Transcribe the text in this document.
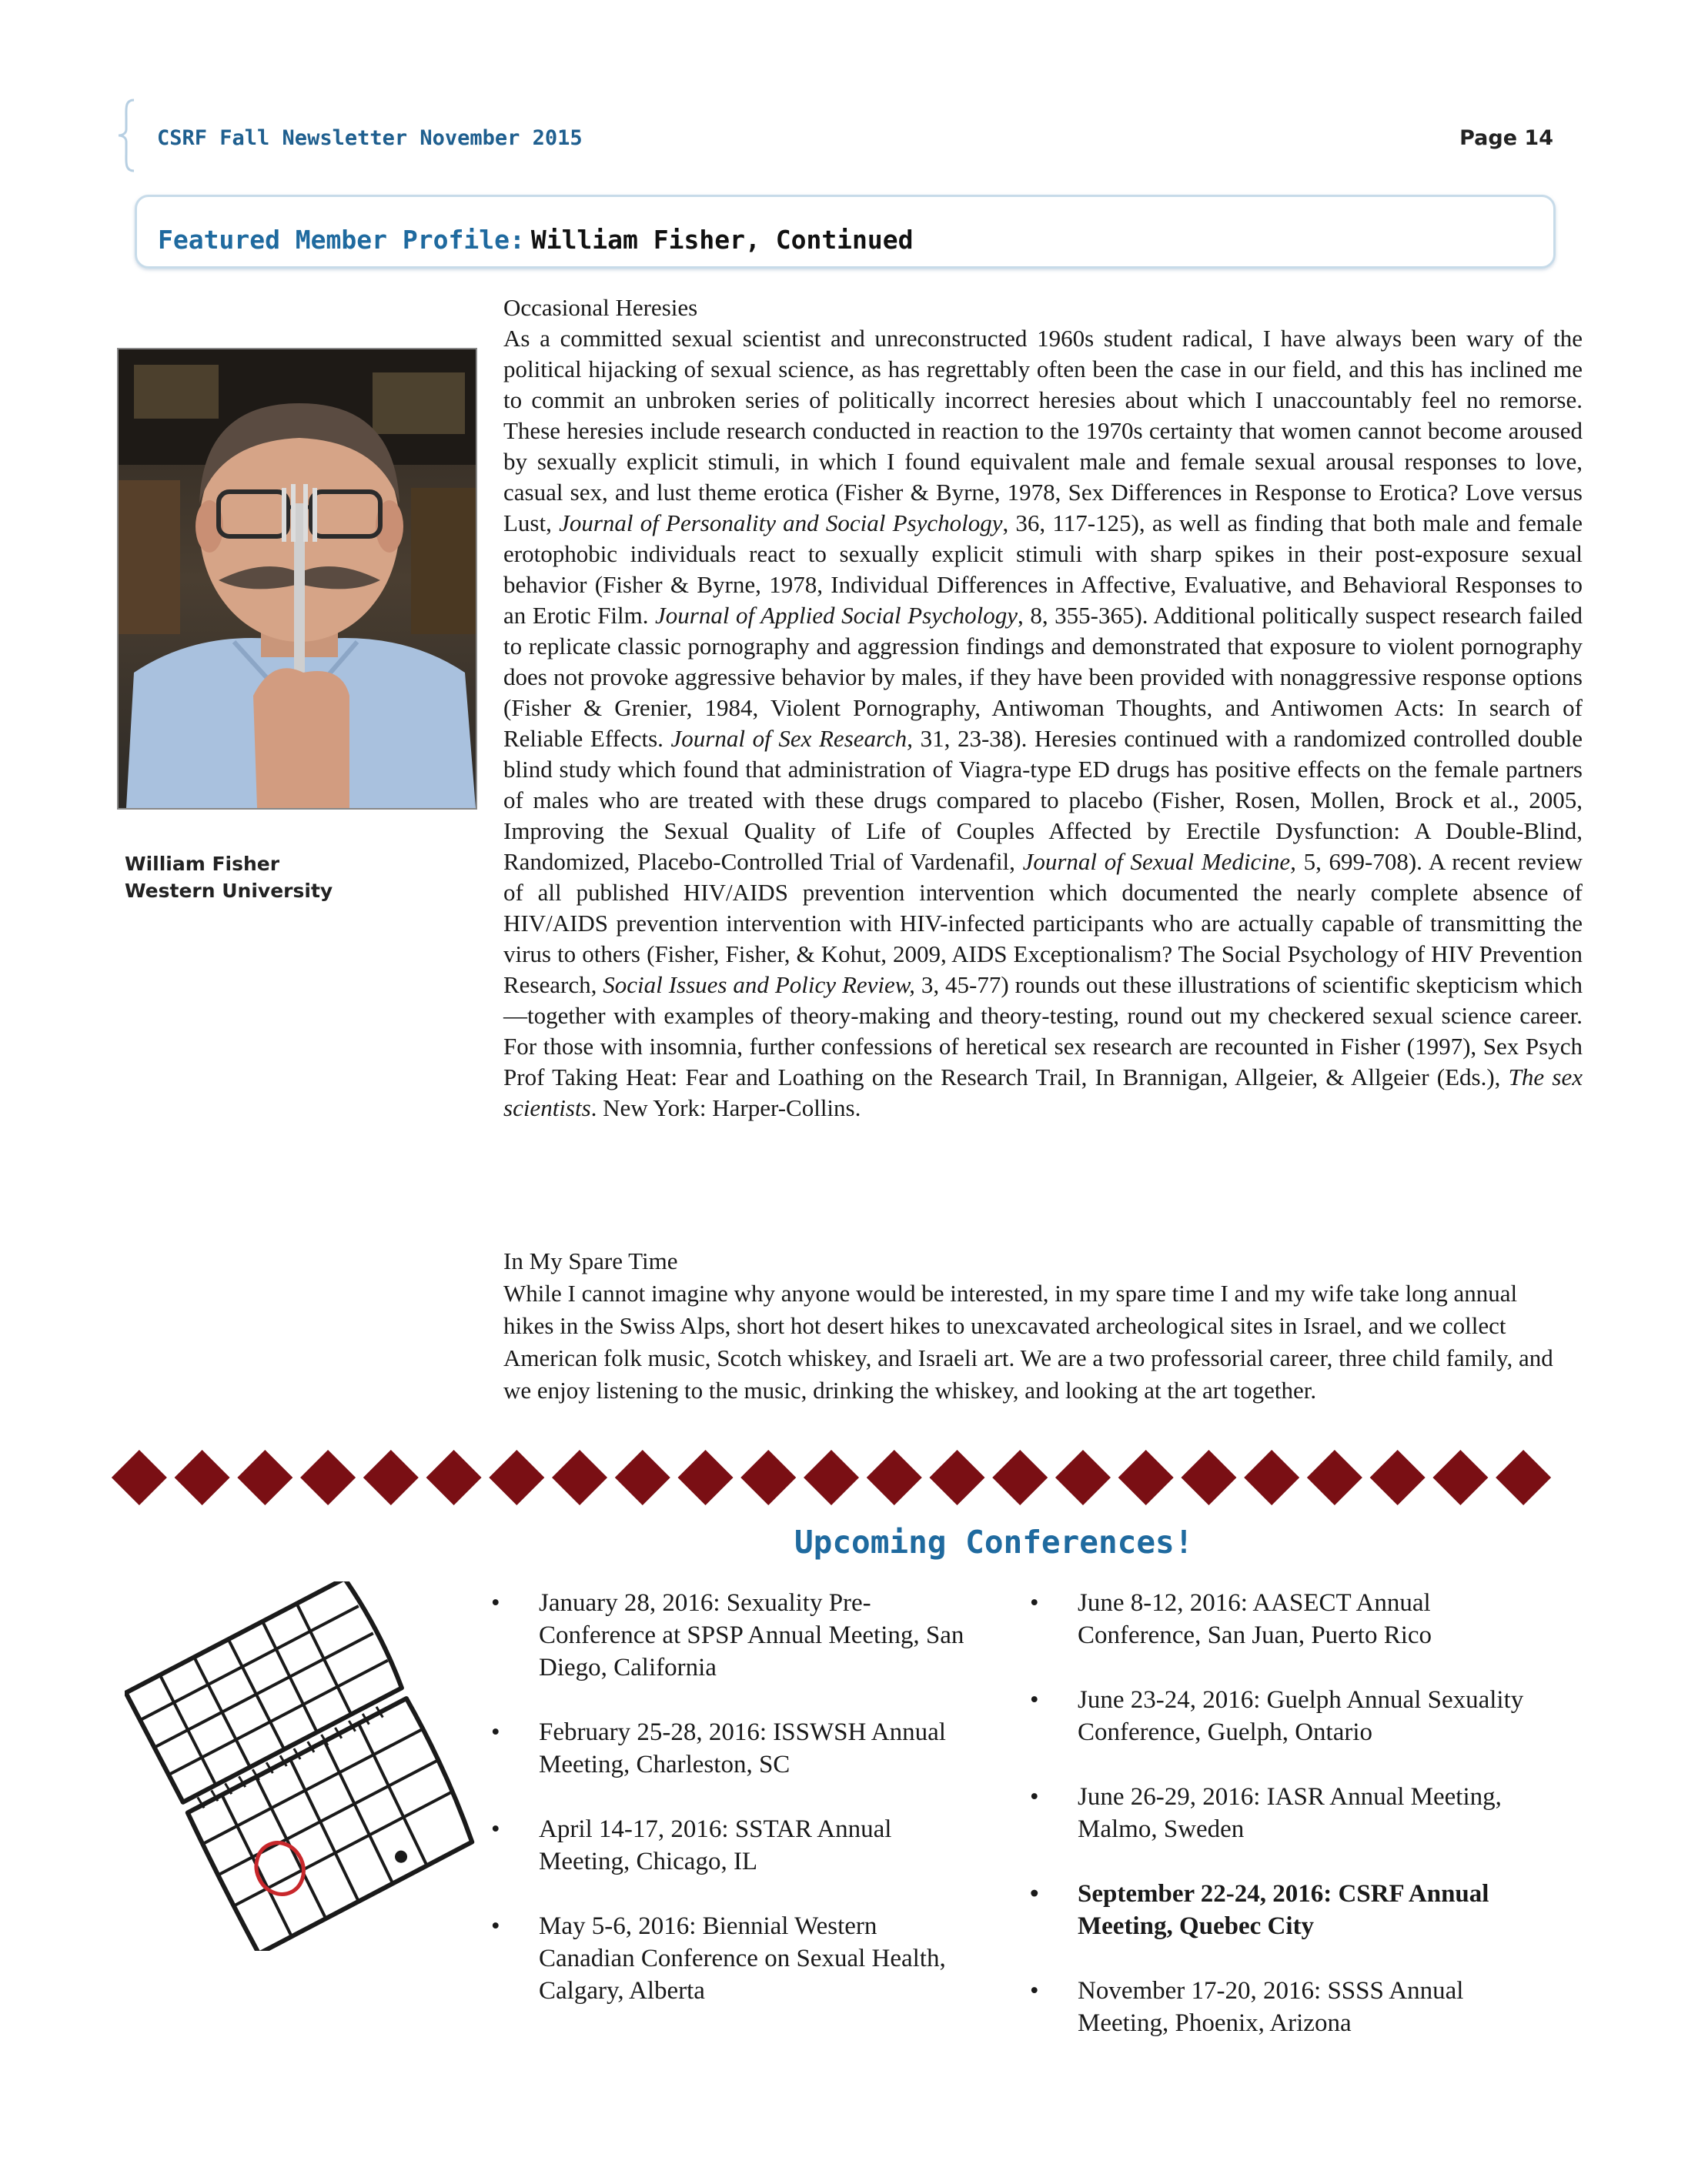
CSRF Fall Newsletter November 2015	Page 14
Featured Member Profile: William Fisher, Continued
William Fisher
Western University

Occasional Heresies

As a committed sexual scientist and unreconstructed 1960s student radical, I have always been wary of the political hijacking of sexual science, as has regrettably often been the case in our field, and this has inclined me to commit an unbroken series of politically incorrect heresies about which I unaccountably feel no remorse. These heresies include research conducted in reaction to the 1970s certainty that women cannot become aroused by sexually explicit stimuli, in which I found equivalent male and female sexual arousal responses to love, casual sex, and lust theme erotica (Fisher & Byrne, 1978, Sex Differences in Response to Erotica? Love versus Lust, Journal of Personality and Social Psychology, 36, 117-125), as well as finding that both male and female erotophobic individuals react to sexually explicit stimuli with sharp spikes in their post-exposure sexual behavior (Fisher & Byrne, 1978, Individual Differences in Affective, Evaluative, and Behavioral Responses to an Erotic Film. Journal of Applied Social Psychology, 8, 355-365). Additional politically suspect research failed to replicate classic pornography and aggression findings and demonstrated that exposure to violent pornography does not provoke aggressive behavior by males, if they have been provided with nonaggressive response options (Fisher & Grenier, 1984, Violent Pornography, Antiwoman Thoughts, and Antiwomen Acts: In search of Reliable Effects. Journal of Sex Research, 31, 23-38). Heresies continued with a randomized controlled double blind study which found that administration of Viagra-type ED drugs has positive effects on the female partners of males who are treated with these drugs compared to placebo (Fisher, Rosen, Mollen, Brock et al., 2005, Improving the Sexual Quality of Life of Couples Affected by Erectile Dysfunction: A Double-Blind, Randomized, Placebo-Controlled Trial of Vardenafil, Journal of Sexual Medicine, 5, 699-708). A recent review of all published HIV/AIDS prevention intervention which documented the nearly complete absence of HIV/AIDS prevention intervention with HIV-infected participants who are actually capable of transmitting the virus to others (Fisher, Fisher, & Kohut, 2009, AIDS Exceptionalism? The Social Psychology of HIV Prevention Research, Social Issues and Policy Review, 3, 45-77) rounds out these illustrations of scientific skepticism which—together with examples of theory-making and theory-testing, round out my checkered sexual science career. For those with insomnia, further confessions of heretical sex research are recounted in Fisher (1997), Sex Psych Prof Taking Heat: Fear and Loathing on the Research Trail, In Brannigan, Allgeier, & Allgeier (Eds.), The sex scientists. New York: Harper-Collins.

In My Spare Time

While I cannot imagine why anyone would be interested, in my spare time I and my wife take long annual hikes in the Swiss Alps, short hot desert hikes to unexcavated archeological sites in Israel, and we collect American folk music, Scotch whiskey, and Israeli art. We are a two professorial career, three child family, and we enjoy listening to the music, drinking the whiskey, and looking at the art together.

Upcoming Conferences!
• January 28, 2016: Sexuality Pre-Conference at SPSP Annual Meeting, San Diego, California
• February 25-28, 2016: ISSWSH Annual Meeting, Charleston, SC
• April 14-17, 2016: SSTAR Annual Meeting, Chicago, IL
• May 5-6, 2016: Biennial Western Canadian Conference on Sexual Health, Calgary, Alberta
• June 8-12, 2016: AASECT Annual Conference, San Juan, Puerto Rico
• June 23-24, 2016: Guelph Annual Sexuality Conference, Guelph, Ontario
• June 26-29, 2016: IASR Annual Meeting, Malmo, Sweden
• September 22-24, 2016: CSRF Annual Meeting, Quebec City
• November 17-20, 2016: SSSS Annual Meeting, Phoenix, Arizona
